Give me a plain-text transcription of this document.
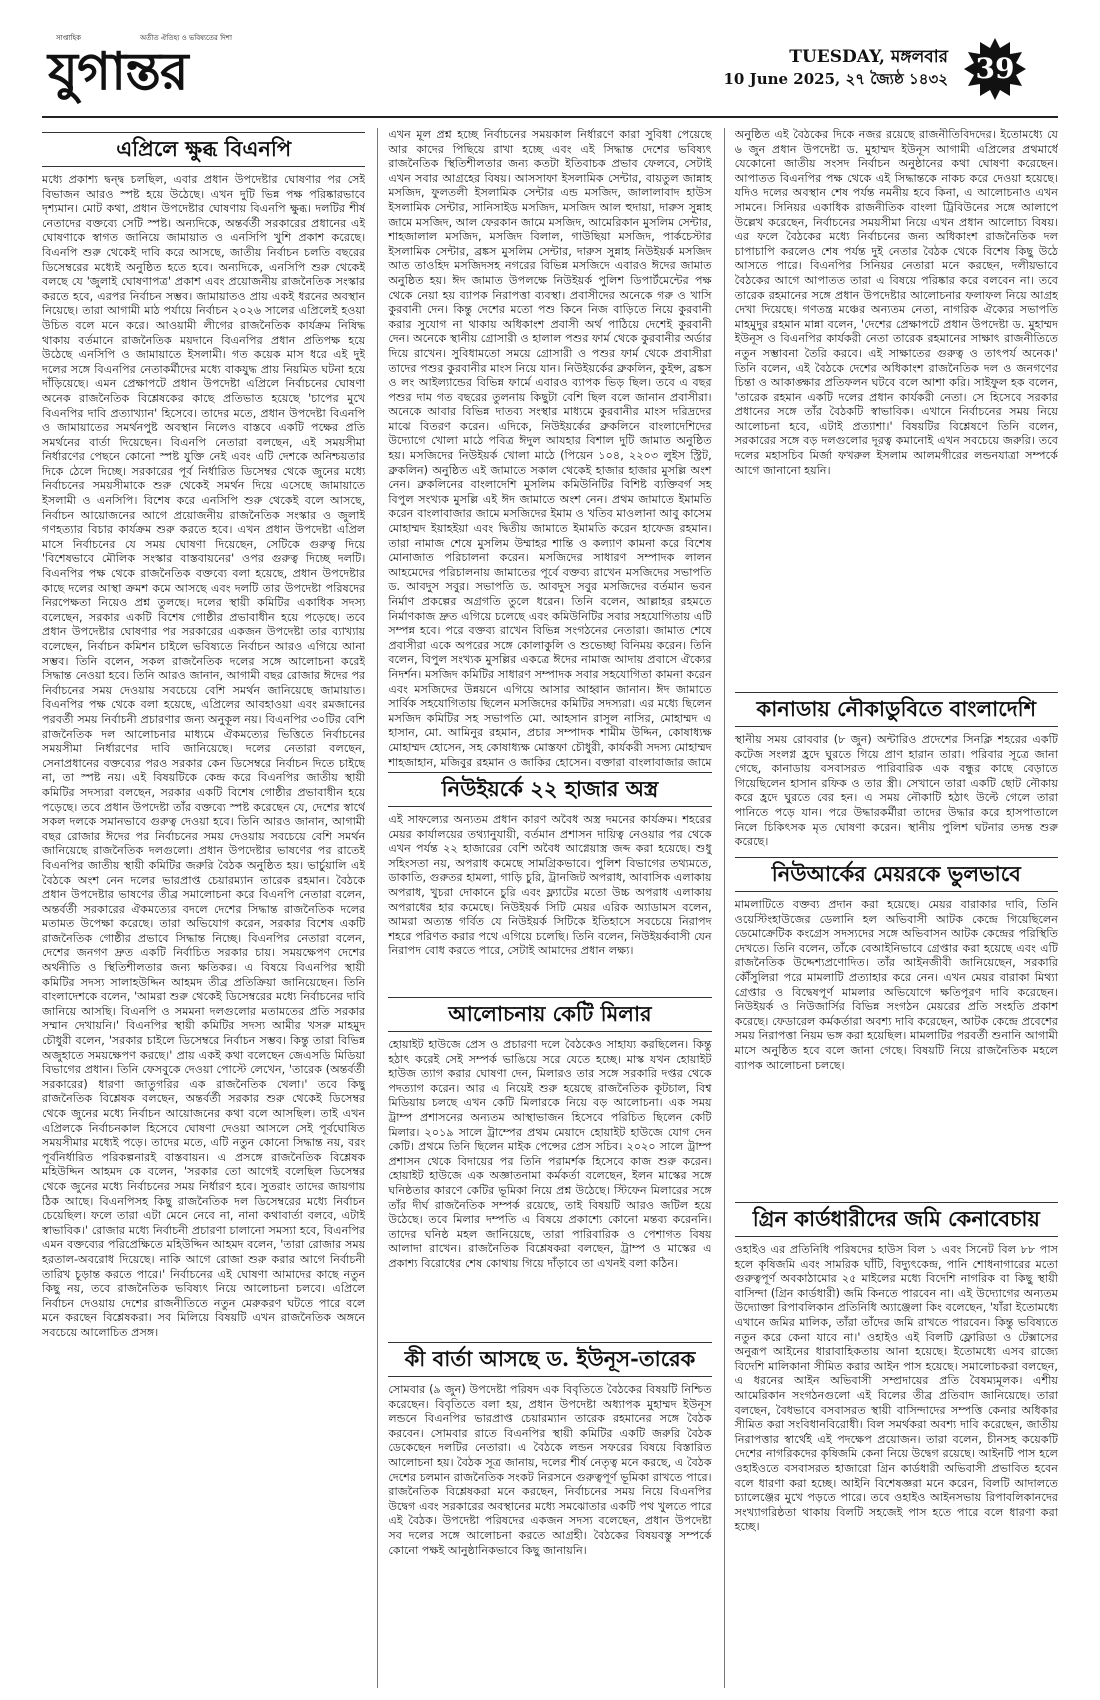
সাপ্তাহিক	অতীত ঐতিহ্য ও ভবিষ্যতের দিশা
যুগান্তর	TUESDAY, মঙ্গলবার
10 June 2025, ২৭ জ্যৈষ্ঠ ১৪৩২ 39
এপ্রিলে ক্ষুব্ধ বিএনপি

মধ্যে প্রকাশ্য দ্বন্দ্ব চলছিল, এবার প্রধান উপদেষ্টার ঘোষণার পর সেই বিভাজন আরও স্পষ্ট হয়ে উঠেছে। এখন দুটি ভিন্ন পক্ষ পরিষ্কারভাবে দৃশ্যমান। মোট কথা, প্রধান উপদেষ্টার ঘোষণায় বিএনপি ক্ষুব্ধ। দলটির শীর্ষ নেতাদের বক্তব্যে সেটি স্পষ্ট। অন্যদিকে, অন্তর্বর্তী সরকারের প্রধানের এই ঘোষণাকে স্বাগত জানিয়ে জামায়াত ও এনসিপি খুশি প্রকাশ করেছে। বিএনপি শুরু থেকেই দাবি করে আসছে, জাতীয় নির্বাচন চলতি বছরের ডিসেম্বরের মধ্যেই অনুষ্ঠিত হতে হবে। অন্যদিকে, এনসিপি শুরু থেকেই বলছে যে 'জুলাই ঘোষণাপত্র' প্রকাশ এবং প্রয়োজনীয় রাজনৈতিক সংস্কার করতে হবে, এরপর নির্বাচন সম্ভব। জামায়াতও প্রায় একই ধরনের অবস্থান নিয়েছে। তারা আগামী মাঠ পর্যায়ে নির্বাচন ২০২৬ সালের এপ্রিলেই হওয়া উচিত বলে মনে করে। আওয়ামী লীগের রাজনৈতিক কার্যক্রম নিষিদ্ধ থাকায় বর্তমানে রাজনৈতিক ময়দানে বিএনপির প্রধান প্রতিপক্ষ হয়ে উঠেছে এনসিপি ও জামায়াতে ইসলামী। গত কয়েক মাস ধরে এই দুই দলের সঙ্গে বিএনপির নেতাকর্মীদের মধ্যে বাকযুদ্ধ প্রায় নিয়মিত ঘটনা হয়ে দাঁড়িয়েছে। এমন প্রেক্ষাপটে প্রধান উপদেষ্টা এপ্রিলে নির্বাচনের ঘোষণা অনেক রাজনৈতিক বিশ্লেষকের কাছে প্রতিভাত হয়েছে 'চাপের মুখে বিএনপির দাবি প্রত্যাখ্যান' হিসেবে। তাদের মতে, প্রধান উপদেষ্টা বিএনপি ও জামায়াতের সমর্থনপুষ্ট অবস্থান নিলেও বাস্তবে একটি পক্ষের প্রতি সমর্থনের বার্তা দিয়েছেন। বিএনপি নেতারা বলছেন, এই সময়সীমা নির্ধারণের পেছনে কোনো স্পষ্ট যুক্তি নেই এবং এটি দেশকে অনিশ্চয়তার দিকে ঠেলে দিচ্ছে। সরকারের পূর্ব নির্ধারিত ডিসেম্বর থেকে জুনের মধ্যে নির্বাচনের সময়সীমাকে শুরু থেকেই সমর্থন দিয়ে এসেছে জামায়াতে ইসলামী ও এনসিপি। বিশেষ করে এনসিপি শুরু থেকেই বলে আসছে, নির্বাচন আয়োজনের আগে প্রয়োজনীয় রাজনৈতিক সংস্কার ও জুলাই গণহত্যার বিচার কার্যক্রম শুরু করতে হবে। এখন প্রধান উপদেষ্টা এপ্রিল মাসে নির্বাচনের যে সময় ঘোষণা দিয়েছেন, সেটিকে গুরুত্ব দিয়ে 'বিশেষভাবে মৌলিক সংস্কার বাস্তবায়নের' ওপর গুরুত্ব দিচ্ছে দলটি। বিএনপির পক্ষ থেকে রাজনৈতিক বক্তব্যে বলা হয়েছে, প্রধান উপদেষ্টার কাছে দলের আস্থা ক্রমশ কমে আসছে এবং দলটি তার উপদেষ্টা পরিষদের নিরপেক্ষতা নিয়েও প্রশ্ন তুলছে। দলের স্থায়ী কমিটির একাধিক সদস্য বলেছেন, সরকার একটি বিশেষ গোষ্ঠীর প্রভাবাধীন হয়ে পড়েছে। তবে প্রধান উপদেষ্টার ঘোষণার পর সরকারের একজন উপদেষ্টা তার ব্যাখ্যায় বলেছেন, নির্বাচন কমিশন চাইলে ভবিষ্যতে নির্বাচন আরও এগিয়ে আনা সম্ভব। তিনি বলেন, সকল রাজনৈতিক দলের সঙ্গে আলোচনা করেই সিদ্ধান্ত নেওয়া হবে। তিনি আরও জানান, আগামী বছর রোজার ঈদের পর নির্বাচনের সময় দেওয়ায় সবচেয়ে বেশি সমর্থন জানিয়েছে জামায়াত। বিএনপির পক্ষ থেকে বলা হয়েছে, এপ্রিলের আবহাওয়া এবং রমজানের পরবর্তী সময় নির্বাচনী প্রচারণার জন্য অনুকূল নয়। বিএনপির ৩০টির বেশি রাজনৈতিক দল আলোচনার মাধ্যমে ঐকমত্যের ভিত্তিতে নির্বাচনের সময়সীমা নির্ধারণের দাবি জানিয়েছে। দলের নেতারা বলছেন, সেনাপ্রধানের বক্তব্যের পরও সরকার কেন ডিসেম্বরে নির্বাচন দিতে চাইছে না, তা স্পষ্ট নয়। এই বিষয়টিকে কেন্দ্র করে বিএনপির জাতীয় স্থায়ী কমিটির সদস্যরা বলছেন, সরকার একটি বিশেষ গোষ্ঠীর প্রভাবাধীন হয়ে পড়েছে। তবে প্রধান উপদেষ্টা তাঁর বক্তব্যে স্পষ্ট করেছেন যে, দেশের স্বার্থে সকল দলকে সমানভাবে গুরুত্ব দেওয়া হবে। তিনি আরও জানান, আগামী বছর রোজার ঈদের পর নির্বাচনের সময় দেওয়ায় সবচেয়ে বেশি সমর্থন জানিয়েছে রাজনৈতিক দলগুলো। প্রধান উপদেষ্টার ভাষণের পর রাতেই বিএনপির জাতীয় স্থায়ী কমিটির জরুরি বৈঠক অনুষ্ঠিত হয়। ভার্চুয়ালি এই বৈঠকে অংশ নেন দলের ভারপ্রাপ্ত চেয়ারম্যান তারেক রহমান। বৈঠকে প্রধান উপদেষ্টার ভাষণের তীব্র সমালোচনা করে বিএনপি নেতারা বলেন, অন্তর্বর্তী সরকারের ঐকমত্যের বদলে দেশের সিদ্ধান্ত রাজনৈতিক দলের মতামত উপেক্ষা করেছে। তারা অভিযোগ করেন, সরকার বিশেষ একটি রাজনৈতিক গোষ্ঠীর প্রভাবে সিদ্ধান্ত নিচ্ছে। বিএনপির নেতারা বলেন, দেশের জনগণ দ্রুত একটি নির্বাচিত সরকার চায়। সময়ক্ষেপণ দেশের অর্থনীতি ও স্থিতিশীলতার জন্য ক্ষতিকর। এ বিষয়ে বিএনপির স্থায়ী কমিটির সদস্য সালাহউদ্দিন আহমদ তীব্র প্রতিক্রিয়া জানিয়েছেন। তিনি বাংলাদেশকে বলেন, 'আমরা শুরু থেকেই ডিসেম্বরের মধ্যে নির্বাচনের দাবি জানিয়ে আসছি। বিএনপি ও সমমনা দলগুলোর মতামতের প্রতি সরকার সম্মান দেখায়নি।' বিএনপির স্থায়ী কমিটির সদস্য আমীর খসরু মাহমুদ চৌধুরী বলেন, 'সরকার চাইলে ডিসেম্বরে নির্বাচন সম্ভব। কিন্তু তারা বিভিন্ন অজুহাতে সময়ক্ষেপণ করছে।' প্রায় একই কথা বলেছেন জেএসডি মিডিয়া বিভাগের প্রধান। তিনি ফেসবুকে দেওয়া পোস্টে লেখেন, 'তারেক (অন্তর্বর্তী সরকারের) ধারণা জাতুগরির এক রাজনৈতিক খেলা।' তবে কিছু রাজনৈতিক বিশ্লেষক বলছেন, অন্তর্বর্তী সরকার শুরু থেকেই ডিসেম্বর থেকে জুনের মধ্যে নির্বাচন আয়োজনের কথা বলে আসছিল। তাই এখন এপ্রিলকে নির্বাচনকাল হিসেবে ঘোষণা দেওয়া আসলে সেই পূর্বঘোষিত সময়সীমার মধ্যেই পড়ে। তাদের মতে, এটি নতুন কোনো সিদ্ধান্ত নয়, বরং পূর্বনির্ধারিত পরিকল্পনারই বাস্তবায়ন। এ প্রসঙ্গে রাজনৈতিক বিশ্লেষক মহিউদ্দিন আহমদ কে বলেন, 'সরকার তো আগেই বলেছিল ডিসেম্বর থেকে জুনের মধ্যে নির্বাচনের সময় নির্ধারণ হবে। সুতরাং তাদের জায়গায় ঠিক আছে। বিএনপিসহ কিছু রাজনৈতিক দল ডিসেম্বরের মধ্যে নির্বাচন চেয়েছিল। ফলে তারা এটা মেনে নেবে না, নানা কথাবার্তা বলবে, এটাই স্বাভাবিক।' রোজার মধ্যে নির্বাচনী প্রচারণা চালানো সমস্যা হবে, বিএনপির এমন বক্তব্যের পরিপ্রেক্ষিতে মহিউদ্দিন আহমদ বলেন, 'তারা রোজার সময় হরতাল-অবরোধ দিয়েছে। নাকি আগে রোজা শুরু করার আগে নির্বাচনী তারিখ চূড়ান্ত করতে পারে।' নির্বাচনের এই ঘোষণা আমাদের কাছে নতুন কিছু নয়, তবে রাজনৈতিক ভবিষ্যৎ নিয়ে আলোচনা চলবে। এপ্রিলে নির্বাচন দেওয়ায় দেশের রাজনীতিতে নতুন মেরুকরণ ঘটতে পারে বলে মনে করছেন বিশ্লেষকরা। সব মিলিয়ে বিষয়টি এখন রাজনৈতিক অঙ্গনে সবচেয়ে আলোচিত প্রসঙ্গ।

এখন মূল প্রশ্ন হচ্ছে নির্বাচনের সময়কাল নির্ধারণে কারা সুবিধা পেয়েছে আর কাদের পিছিয়ে রাখা হচ্ছে এবং এই সিদ্ধান্ত দেশের ভবিষ্যৎ রাজনৈতিক স্থিতিশীলতার জন্য কতটা ইতিবাচক প্রভাব ফেলবে, সেটাই এখন সবার আগ্রহের বিষয়। আসসাফা ইসলামিক সেন্টার, বায়তুল জান্নাহ মসজিদ, ফুলতলী ইসলামিক সেন্টার এন্ড মসজিদ, জালালাবাদ হাউস ইসলামিক সেন্টার, সানিসাইড মসজিদ, মসজিদ আল হুদায়া, দারুস সুন্নাহ জামে মসজিদ, আল ফেরকান জামে মসজিদ, আমেরিকান মুসলিম সেন্টার, শাহজালাল মসজিদ, মসজিদ বিলাল, গাউছিয়া মসজিদ, পার্কচেস্টার ইসলামিক সেন্টার, ব্রঙ্কস মুসলিম সেন্টার, দারুস সুন্নাহ নিউইয়র্ক মসজিদ আত তাওহিদ মসজিদসহ নগরের বিভিন্ন মসজিদে এবারও ঈদের জামাত অনুষ্ঠিত হয়। ঈদ জামাত উপলক্ষে নিউইয়র্ক পুলিশ ডিপার্টমেন্টের পক্ষ থেকে নেয়া হয় ব্যাপক নিরাপত্তা ব্যবস্থা। প্রবাসীদের অনেকে গরু ও খাসি কুরবানী দেন। কিন্তু দেশের মতো পশু কিনে নিজ বাড়িতে নিয়ে কুরবানী করার সুযোগ না থাকায় অধিকাংশ প্রবাসী অর্থ পাঠিয়ে দেশেই কুরবানী দেন। অনেকে স্থানীয় গ্রোসারী ও হালাল পশুর ফার্ম থেকে কুরবানীর অর্ডার দিয়ে রাখেন। সুবিধামতো সময়ে গ্রোসারী ও পশুর ফার্ম থেকে প্রবাসীরা তাদের পশুর কুরবানীর মাংস নিয়ে যান। নিউইয়র্কের ব্রুকলিন, কুইন্স, ব্রঙ্কস ও লং আইল্যান্ডের বিভিন্ন ফার্মে এবারও ব্যাপক ভিড় ছিল। তবে এ বছর পশুর দাম গত বছরের তুলনায় কিছুটা বেশি ছিল বলে জানান প্রবাসীরা। অনেকে আবার বিভিন্ন দাতব্য সংস্থার মাধ্যমে কুরবানীর মাংস দরিদ্রদের মাঝে বিতরণ করেন। এদিকে, নিউইয়র্কের ব্রুকলিনে বাংলাদেশিদের উদ্যোগে খোলা মাঠে পবিত্র ঈদুল আযহার বিশাল দুটি জামাত অনুষ্ঠিত হয়। মসজিদের নিউইয়র্ক খোলা মাঠে (পিয়েন ১০৪, ২২০৩ লুইস স্ট্রিট, ব্রুকলিন) অনুষ্ঠিত এই জামাতে সকাল থেকেই হাজার হাজার মুসল্লি অংশ নেন। ব্রুকলিনের বাংলাদেশি মুসলিম কমিউনিটির বিশিষ্ট ব্যক্তিবর্গ সহ বিপুল সংখ্যক মুসল্লি এই ঈদ জামাতে অংশ নেন। প্রথম জামাতে ইমামতি করেন বাংলাবাজার জামে মসজিদের ইমাম ও খতিব মাওলানা আবু কাসেম মোহাম্মদ ইয়াহইয়া এবং দ্বিতীয় জামাতে ইমামতি করেন হাফেজ রহমান। তারা নামাজ শেষে মুসলিম উম্মাহর শান্তি ও কল্যাণ কামনা করে বিশেষ মোনাজাত পরিচালনা করেন। মসজিদের সাধারণ সম্পাদক লালন আহমেদের পরিচালনায় জামাতের পূর্বে বক্তব্য রাখেন মসজিদের সভাপতি ড. আবদুস সবুর। সভাপতি ড. আবদুস সবুর মসজিদের বর্তমান ভবন নির্মাণ প্রকল্পের অগ্রগতি তুলে ধরেন। তিনি বলেন, আল্লাহর রহমতে নির্মাণকাজ দ্রুত এগিয়ে চলেছে এবং কমিউনিটির সবার সহযোগিতায় এটি সম্পন্ন হবে। পরে বক্তব্য রাখেন বিভিন্ন সংগঠনের নেতারা। জামাত শেষে প্রবাসীরা একে অপরের সঙ্গে কোলাকুলি ও শুভেচ্ছা বিনিময় করেন। তিনি বলেন, বিপুল সংখ্যক মুসল্লির একত্রে ঈদের নামাজ আদায় প্রবাসে ঐক্যের নিদর্শন। মসজিদ কমিটির সাধারণ সম্পাদক সবার সহযোগিতা কামনা করেন এবং মসজিদের উন্নয়নে এগিয়ে আসার আহ্বান জানান। ঈদ জামাতে সার্বিক সহযোগিতায় ছিলেন মসজিদের কমিটির সদস্যরা। এর মধ্যে ছিলেন মসজিদ কমিটির সহ সভাপতি মো. আহসান রাসূল নাসির, মোহাম্মদ এ হাসান, মো. আমিনুর রহমান, প্রচার সম্পাদক শামীম উদ্দিন, কোষাধ্যক্ষ মোহাম্মদ হোসেন, সহ কোষাধ্যক্ষ মোস্তফা চৌধুরী, কার্যকরী সদস্য মোহাম্মদ শাহজাহান, মজিবুর রহমান ও জাকির হোসেন। বক্তারা বাংলাবাজার জামে

নিউইয়র্কে ২২ হাজার অস্ত্র

এই সাফল্যের অন্যতম প্রধান কারণ অবৈধ অস্ত্র দমনের কার্যক্রম। শহরের মেয়র কার্যালয়ের তথ্যানুযায়ী, বর্তমান প্রশাসন দায়িত্ব নেওয়ার পর থেকে এখন পর্যন্ত ২২ হাজারের বেশি অবৈধ আগ্নেয়াস্ত্র জব্দ করা হয়েছে। শুধু সহিংসতা নয়, অপরাধ কমেছে সামগ্রিকভাবে। পুলিশ বিভাগের তথ্যমতে, ডাকাতি, গুরুতর হামলা, গাড়ি চুরি, ট্রানজিট অপরাধ, আবাসিক এলাকায় অপরাধ, খুচরা দোকানে চুরি এবং ফ্ল্যাটের মতো উচ্চ অপরাধ এলাকায় অপরাধের হার কমেছে। নিউইয়র্ক সিটি মেয়র এরিক অ্যাডামস বলেন, আমরা অত্যন্ত গর্বিত যে নিউইয়র্ক সিটিকে ইতিহাসে সবচেয়ে নিরাপদ শহরে পরিণত করার পথে এগিয়ে চলেছি। তিনি বলেন, নিউইয়র্কবাসী যেন নিরাপদ বোধ করতে পারে, সেটাই আমাদের প্রধান লক্ষ্য।

আলোচনায় কেটি মিলার

হোয়াইট হাউজে প্রেস ও প্রচারণা দলে বৈঠকেও সাহায্য করছিলেন। কিন্তু হঠাৎ করেই সেই সম্পর্ক ভাঙিয়ে সরে যেতে হচ্ছে। মাস্ক যখন হোয়াইট হাউজ ত্যাগ করার ঘোষণা দেন, মিলারও তার সঙ্গে সরকারি দপ্তর থেকে পদত্যাগ করেন। আর এ নিয়েই শুরু হয়েছে রাজনৈতিক কূটচাল, বিশ্ব মিডিয়ায় চলছে এখন কেটি মিলারকে নিয়ে বড় আলোচনা। এক সময় ট্রাম্প প্রশাসনের অন্যতম আস্থাভাজন হিসেবে পরিচিত ছিলেন কেটি মিলার। ২০১৯ সালে ট্রাম্পের প্রথম মেয়াদে হোয়াইট হাউজে যোগ দেন কেটি। প্রথমে তিনি ছিলেন মাইক পেন্সের প্রেস সচিব। ২০২০ সালে ট্রাম্প প্রশাসন থেকে বিদায়ের পর তিনি পরামর্শক হিসেবে কাজ শুরু করেন। হোয়াইট হাউজে এক অজ্ঞাতনামা কর্মকর্তা বলেছেন, ইলন মাস্কের সঙ্গে ঘনিষ্ঠতার কারণে কেটির ভূমিকা নিয়ে প্রশ্ন উঠেছে। স্টিফেন মিলারের সঙ্গে তাঁর দীর্ঘ রাজনৈতিক সম্পর্ক রয়েছে, তাই বিষয়টি আরও জটিল হয়ে উঠেছে। তবে মিলার দম্পতি এ বিষয়ে প্রকাশ্যে কোনো মন্তব্য করেননি। তাদের ঘনিষ্ঠ মহল জানিয়েছে, তারা পারিবারিক ও পেশাগত বিষয় আলাদা রাখেন। রাজনৈতিক বিশ্লেষকরা বলছেন, ট্রাম্প ও মাস্কের এ প্রকাশ্য বিরোধের শেষ কোথায় গিয়ে দাঁড়াবে তা এখনই বলা কঠিন।

কী বার্তা আসছে ড. ইউনূস-তারেক

সোমবার (৯ জুন) উপদেষ্টা পরিষদ এক বিবৃতিতে বৈঠকের বিষয়টি নিশ্চিত করেছেন। বিবৃতিতে বলা হয়, প্রধান উপদেষ্টা অধ্যাপক মুহাম্মদ ইউনূস লন্ডনে বিএনপির ভারপ্রাপ্ত চেয়ারম্যান তারেক রহমানের সঙ্গে বৈঠক করবেন। সোমবার রাতে বিএনপির স্থায়ী কমিটির একটি জরুরি বৈঠক ডেকেছেন দলটির নেতারা। এ বৈঠকে লন্ডন সফরের বিষয়ে বিস্তারিত আলোচনা হয়। বৈঠক সূত্র জানায়, দলের শীর্ষ নেতৃত্ব মনে করছে, এ বৈঠক দেশের চলমান রাজনৈতিক সংকট নিরসনে গুরুত্বপূর্ণ ভূমিকা রাখতে পারে। রাজনৈতিক বিশ্লেষকরা মনে করছেন, নির্বাচনের সময় নিয়ে বিএনপির উদ্বেগ এবং সরকারের অবস্থানের মধ্যে সমঝোতার একটি পথ খুলতে পারে এই বৈঠক। উপদেষ্টা পরিষদের একজন সদস্য বলেছেন, প্রধান উপদেষ্টা সব দলের সঙ্গে আলোচনা করতে আগ্রহী। বৈঠকের বিষয়বস্তু সম্পর্কে কোনো পক্ষই আনুষ্ঠানিকভাবে কিছু জানায়নি।

অনুষ্ঠিত এই বৈঠকের দিকে নজর রয়েছে রাজনীতিবিদদের। ইতোমধ্যে যে ৬ জুন প্রধান উপদেষ্টা ড. মুহাম্মদ ইউনূস আগামী এপ্রিলের প্রথমার্ধে যেকোনো জাতীয় সংসদ নির্বাচন অনুষ্ঠানের কথা ঘোষণা করেছেন। আপাতত বিএনপির পক্ষ থেকে এই সিদ্ধান্তকে নাকচ করে দেওয়া হয়েছে। যদিও দলের অবস্থান শেষ পর্যন্ত নমনীয় হবে কিনা, এ আলোচনাও এখন সামনে। সিনিয়র একাধিক রাজনীতিক বাংলা ট্রিবিউনের সঙ্গে আলাপে উল্লেখ করেছেন, নির্বাচনের সময়সীমা নিয়ে এখন প্রধান আলোচ্য বিষয়। এর ফলে বৈঠকের মধ্যে নির্বাচনের জন্য অধিকাংশ রাজনৈতিক দল চাপাচাপি করলেও শেষ পর্যন্ত দুই নেতার বৈঠক থেকে বিশেষ কিছু উঠে আসতে পারে। বিএনপির সিনিয়র নেতারা মনে করছেন, দলীয়ভাবে বৈঠকের আগে আপাতত তারা এ বিষয়ে পরিষ্কার করে বলবেন না। তবে তারেক রহমানের সঙ্গে প্রধান উপদেষ্টার আলোচনার ফলাফল নিয়ে আগ্রহ দেখা দিয়েছে। গণতন্ত্র মঞ্চের অন্যতম নেতা, নাগরিক ঐক্যের সভাপতি মাহমুদুর রহমান মান্না বলেন, 'দেশের প্রেক্ষাপটে প্রধান উপদেষ্টা ড. মুহাম্মদ ইউনূস ও বিএনপির কার্যকরী নেতা তারেক রহমানের সাক্ষাৎ রাজনীতিতে নতুন সম্ভাবনা তৈরি করবে। এই সাক্ষাতের গুরুত্ব ও তাৎপর্য অনেক।' তিনি বলেন, এই বৈঠকে দেশের অধিকাংশ রাজনৈতিক দল ও জনগণের চিন্তা ও আকাঙ্ক্ষার প্রতিফলন ঘটবে বলে আশা করি। সাইফুল হক বলেন, 'তারেক রহমান একটি দলের প্রধান কার্যকরী নেতা। সে হিসেবে সরকার প্রধানের সঙ্গে তাঁর বৈঠকটি স্বাভাবিক। এখানে নির্বাচনের সময় নিয়ে আলোচনা হবে, এটাই প্রত্যাশা।' বিষয়টির বিশ্লেষণে তিনি বলেন, সরকারের সঙ্গে বড় দলগুলোর দূরত্ব কমানোই এখন সবচেয়ে জরুরি। তবে দলের মহাসচিব মির্জা ফখরুল ইসলাম আলমগীরের লন্ডনযাত্রা সম্পর্কে আগে জানানো হয়নি।

কানাডায় নৌকাডুবিতে বাংলাদেশি

স্থানীয় সময় রোববার (৮ জুন) অন্টারিও প্রদেশের সিনক্লি শহরের একটি কটেজ সংলগ্ন হ্রদে ঘুরতে গিয়ে প্রাণ হারান তারা। পরিবার সূত্রে জানা গেছে, কানাডায় বসবাসরত পারিবারিক এক বন্ধুর কাছে বেড়াতে গিয়েছিলেন হাসান রফিক ও তার স্ত্রী। সেখানে তারা একটি ছোট নৌকায় করে হ্রদে ঘুরতে বের হন। এ সময় নৌকাটি হঠাৎ উল্টে গেলে তারা পানিতে পড়ে যান। পরে উদ্ধারকর্মীরা তাদের উদ্ধার করে হাসপাতালে নিলে চিকিৎসক মৃত ঘোষণা করেন। স্থানীয় পুলিশ ঘটনার তদন্ত শুরু করেছে।

নিউআর্কের মেয়রকে ভুলভাবে

মামলাটিতে বক্তব্য প্রদান করা হয়েছে। মেয়র বারাকার দাবি, তিনি ওয়েস্টিংহাউজের ডেলানি হল অভিবাসী আটক কেন্দ্রে গিয়েছিলেন ডেমোক্রেটিক কংগ্রেস সদস্যদের সঙ্গে অভিবাসন আটক কেন্দ্রের পরিস্থিতি দেখতে। তিনি বলেন, তাঁকে বেআইনিভাবে গ্রেপ্তার করা হয়েছে এবং এটি রাজনৈতিক উদ্দেশ্যপ্রণোদিত। তাঁর আইনজীবী জানিয়েছেন, সরকারি কৌঁসুলিরা পরে মামলাটি প্রত্যাহার করে নেন। এখন মেয়র বারাকা মিথ্যা গ্রেপ্তার ও বিদ্বেষপূর্ণ মামলার অভিযোগে ক্ষতিপূরণ দাবি করেছেন। নিউইয়র্ক ও নিউজার্সির বিভিন্ন সংগঠন মেয়রের প্রতি সংহতি প্রকাশ করেছে। ফেডারেল কর্মকর্তারা অবশ্য দাবি করেছেন, আটক কেন্দ্রে প্রবেশের সময় নিরাপত্তা নিয়ম ভঙ্গ করা হয়েছিল। মামলাটির পরবর্তী শুনানি আগামী মাসে অনুষ্ঠিত হবে বলে জানা গেছে। বিষয়টি নিয়ে রাজনৈতিক মহলে ব্যাপক আলোচনা চলছে।

গ্রিন কার্ডধারীদের জমি কেনাবেচায়

ওহাইও এর প্রতিনিধি পরিষদের হাউস বিল ১ এবং সিনেট বিল ৮৮ পাস হলে কৃষিজমি এবং সামরিক ঘাঁটি, বিদ্যুৎকেন্দ্র, পানি শোধনাগারের মতো গুরুত্বপূর্ণ অবকাঠামোর ২৫ মাইলের মধ্যে বিদেশি নাগরিক বা কিছু স্থায়ী বাসিন্দা (গ্রিন কার্ডধারী) জমি কিনতে পারবেন না। এই উদ্যোগের অন্যতম উদ্যোক্তা রিপাবলিকান প্রতিনিধি অ্যাঞ্জেলা কিং বলেছেন, 'যাঁরা ইতোমধ্যে এখানে জমির মালিক, তাঁরা তাঁদের জমি রাখতে পারবেন। কিন্তু ভবিষ্যতে নতুন করে কেনা যাবে না।' ওহাইও এই বিলটি ফ্লোরিডা ও টেক্সাসের অনুরূপ আইনের ধারাবাহিকতায় আনা হয়েছে। ইতোমধ্যে এসব রাজ্যে বিদেশি মালিকানা সীমিত করার আইন পাস হয়েছে। সমালোচকরা বলছেন, এ ধরনের আইন অভিবাসী সম্প্রদায়ের প্রতি বৈষম্যমূলক। এশীয় আমেরিকান সংগঠনগুলো এই বিলের তীব্র প্রতিবাদ জানিয়েছে। তারা বলছেন, বৈধভাবে বসবাসরত স্থায়ী বাসিন্দাদের সম্পত্তি কেনার অধিকার সীমিত করা সংবিধানবিরোধী। বিল সমর্থকরা অবশ্য দাবি করেছেন, জাতীয় নিরাপত্তার স্বার্থেই এই পদক্ষেপ প্রয়োজন। তারা বলেন, চীনসহ কয়েকটি দেশের নাগরিকদের কৃষিজমি কেনা নিয়ে উদ্বেগ রয়েছে। আইনটি পাস হলে ওহাইওতে বসবাসরত হাজারো গ্রিন কার্ডধারী অভিবাসী প্রভাবিত হবেন বলে ধারণা করা হচ্ছে। আইনি বিশেষজ্ঞরা মনে করেন, বিলটি আদালতে চ্যালেঞ্জের মুখে পড়তে পারে। তবে ওহাইও আইনসভায় রিপাবলিকানদের সংখ্যাগরিষ্ঠতা থাকায় বিলটি সহজেই পাস হতে পারে বলে ধারণা করা হচ্ছে।
